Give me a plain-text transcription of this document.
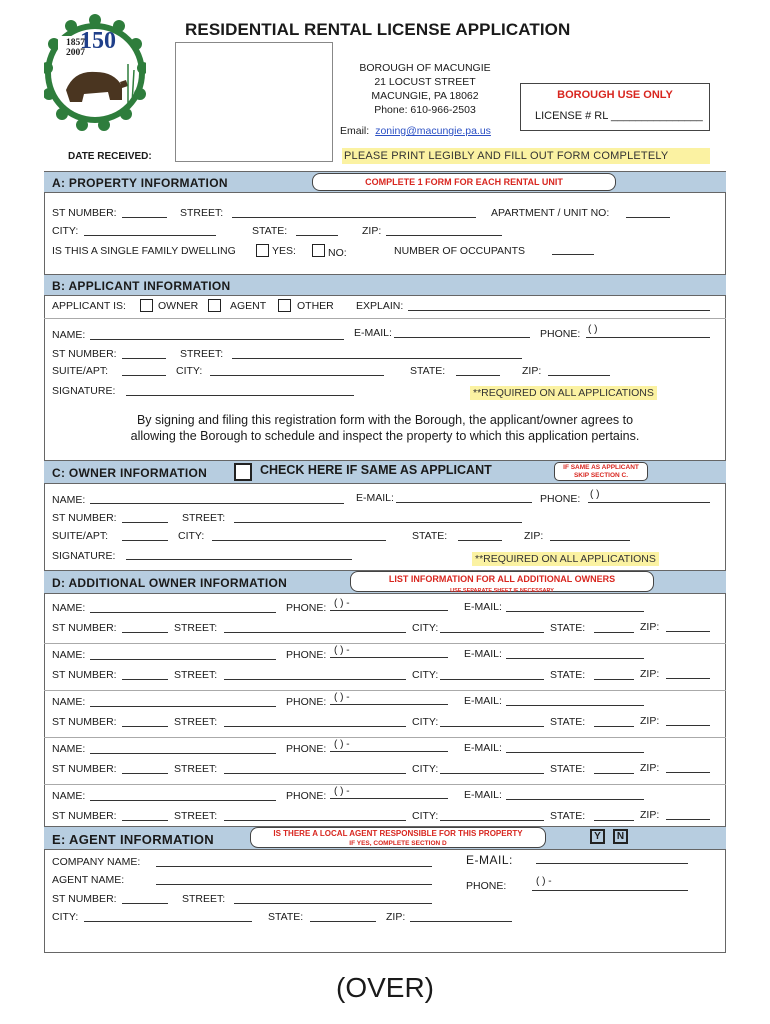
1857
2007
150	RESIDENTIAL RENTAL LICENSE APPLICATION
BOROUGH OF MACUNGIE
21 LOCUST STREET
MACUNGIE, PA 18062
Phone: 610-966-2503
Email: zoning@macungie.pa.us
BOROUGH USE ONLY
LICENSE # RL _______________
DATE RECEIVED:	PLEASE PRINT LEGIBLY AND FILL OUT FORM COMPLETELY
A: PROPERTY INFORMATION	COMPLETE 1 FORM FOR EACH RENTAL UNIT
ST NUMBER:	STREET:	APARTMENT / UNIT NO:
CITY:	STATE:	ZIP:
IS THIS A SINGLE FAMILY DWELLING	YES:	NO:	NUMBER OF OCCUPANTS
B: APPLICANT INFORMATION
APPLICANT IS:	OWNER	AGENT	OTHER EXPLAIN:
NAME:	E-MAIL:	PHONE: ( )
ST NUMBER:	STREET:
SUITE/APT:	CITY:	STATE:	ZIP:
SIGNATURE:	**REQUIRED ON ALL APPLICATIONS
By signing and filing this registration form with the Borough, the applicant/owner agrees to
allowing the Borough to schedule and inspect the property to which this application pertains.
C: OWNER INFORMATION	CHECK HERE IF SAME AS APPLICANT	IF SAME AS APPLICANT
SKIP SECTION C.
NAME:	E-MAIL:	PHONE: ( )
ST NUMBER:	STREET:
SUITE/APT:	CITY:	STATE:	ZIP:
SIGNATURE:	**REQUIRED ON ALL APPLICATIONS
D: ADDITIONAL OWNER INFORMATION	LIST INFORMATION FOR ALL ADDITIONAL OWNERS
USE SEPARATE SHEET IF NECESSARY
NAME:	PHONE: ( ) -	E-MAIL:
ST NUMBER:	STREET:	CITY:	STATE:	ZIP:
NAME:	PHONE: ( ) -	E-MAIL:
ST NUMBER:	STREET:	CITY:	STATE:	ZIP:
NAME:	PHONE: ( ) -	E-MAIL:
ST NUMBER:	STREET:	CITY:	STATE:	ZIP:
NAME:	PHONE: ( ) -	E-MAIL:
ST NUMBER:	STREET:	CITY:	STATE:	ZIP:
NAME:	PHONE: ( ) -	E-MAIL:
ST NUMBER:	STREET:	CITY:	STATE:	ZIP:
E: AGENT INFORMATION	IS THERE A LOCAL AGENT RESPONSIBLE FOR THIS PROPERTY
IF YES, COMPLETE SECTION D
Y	N
COMPANY NAME:	E-MAIL:
AGENT NAME:	PHONE:	( ) -
ST NUMBER:	STREET:
CITY:	STATE:	ZIP:
(OVER)
